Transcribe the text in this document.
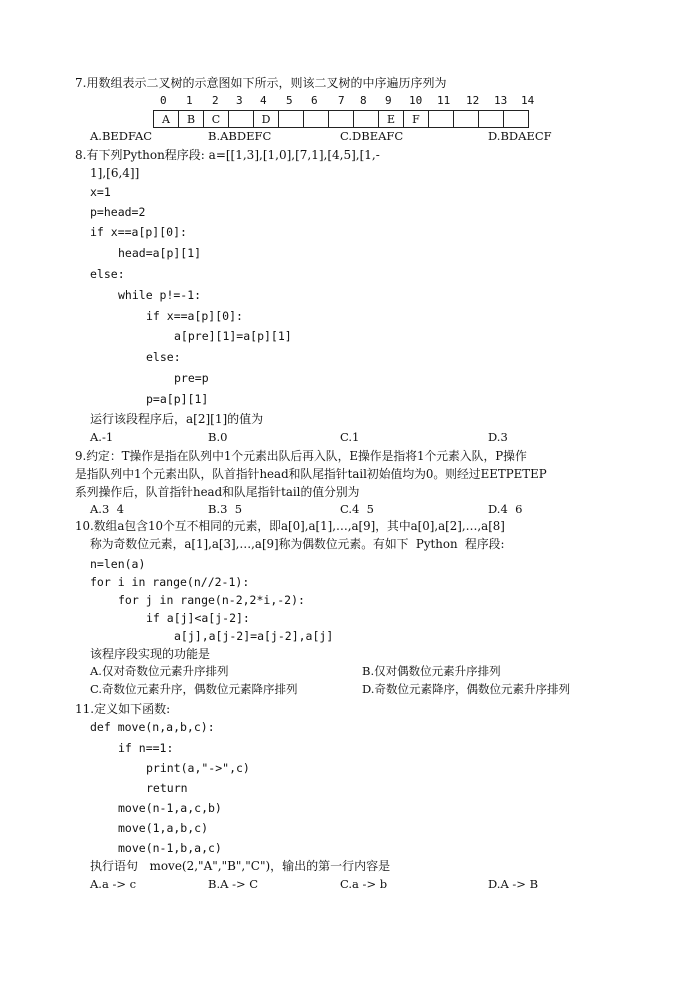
7.用数组表示二叉树的示意图如下所示，则该二叉树的中序遍历序列为
0 1 2 3 4 5 6 7 8 9 10 11 12 13 14
A	B	C		D					E	F				
A.BEDFAC	B.ABDEFC	C.DBEAFC	D.BDAECF
8.有下列Python程序段: a=[[1,3],[1,0],[7,1],[4,5],[1,-
1],[6,4]]
x=1
p=head=2
if x==a[p][0]:
head=a[p][1]
else:
while p!=-1:
if x==a[p][0]:
a[pre][1]=a[p][1]
else:
pre=p
p=a[p][1]
运行该段程序后，a[2][1]的值为
A.-1	B.0	C.1	D.3
9.约定：T操作是指在队列中1个元素出队后再入队，E操作是指将1个元素入队，P操作
是指队列中1个元素出队，队首指针head和队尾指针tail初始值均为0。则经过EETPETEP
系列操作后，队首指针head和队尾指针tail的值分别为
A.3  4	B.3  5	C.4  5	D.4  6
10.数组a包含10个互不相同的元素，即a[0],a[1],…,a[9]，其中a[0],a[2],…,a[8]
称为奇数位元素，a[1],a[3],…,a[9]称为偶数位元素。有如下  Python  程序段:
n=len(a)
for i in range(n//2-1):
for j in range(n-2,2*i,-2):
if a[j]<a[j-2]:
a[j],a[j-2]=a[j-2],a[j]
该程序段实现的功能是
A.仅对奇数位元素升序排列	B.仅对偶数位元素升序排列
C.奇数位元素升序，偶数位元素降序排列	D.奇数位元素降序，偶数位元素升序排列
11.定义如下函数:
def move(n,a,b,c):
if n==1:
print(a,"->",c)
return
move(n-1,a,c,b)
move(1,a,b,c)
move(n-1,b,a,c)
执行语句   move(2,"A","B","C")，输出的第一行内容是
A.a -> c	B.A -> C	C.a -> b	D.A -> B
